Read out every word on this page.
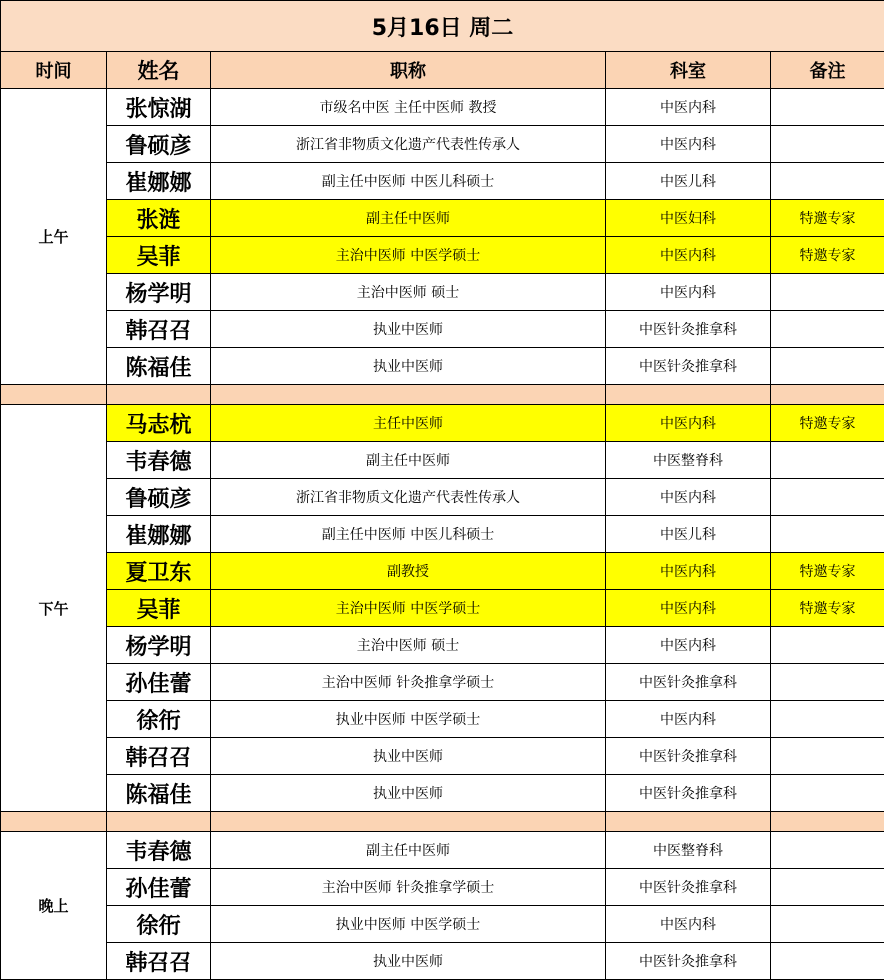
5月16日 周二				
时间	姓名	职称	科室	备注
上午	张惊湖	市级名中医 主任中医师 教授	中医内科	
	鲁硕彦	浙江省非物质文化遗产代表性传承人	中医内科	
	崔娜娜	副主任中医师 中医儿科硕士	中医儿科	
	张涟	副主任中医师	中医妇科	特邀专家
	吴菲	主治中医师 中医学硕士	中医内科	特邀专家
	杨学明	主治中医师 硕士	中医内科	
	韩召召	执业中医师	中医针灸推拿科	
	陈福佳	执业中医师	中医针灸推拿科	

下午	马志杭	主任中医师	中医内科	特邀专家
	韦春德	副主任中医师	中医整脊科	
	鲁硕彦	浙江省非物质文化遗产代表性传承人	中医内科	
	崔娜娜	副主任中医师 中医儿科硕士	中医儿科	
	夏卫东	副教授	中医内科	特邀专家
	吴菲	主治中医师 中医学硕士	中医内科	特邀专家
	杨学明	主治中医师 硕士	中医内科	
	孙佳蕾	主治中医师 针灸推拿学硕士	中医针灸推拿科	
	徐衎	执业中医师 中医学硕士	中医内科	
	韩召召	执业中医师	中医针灸推拿科	
	陈福佳	执业中医师	中医针灸推拿科	

晚上	韦春德	副主任中医师	中医整脊科	
	孙佳蕾	主治中医师 针灸推拿学硕士	中医针灸推拿科	
	徐衎	执业中医师 中医学硕士	中医内科	
	韩召召	执业中医师	中医针灸推拿科	
